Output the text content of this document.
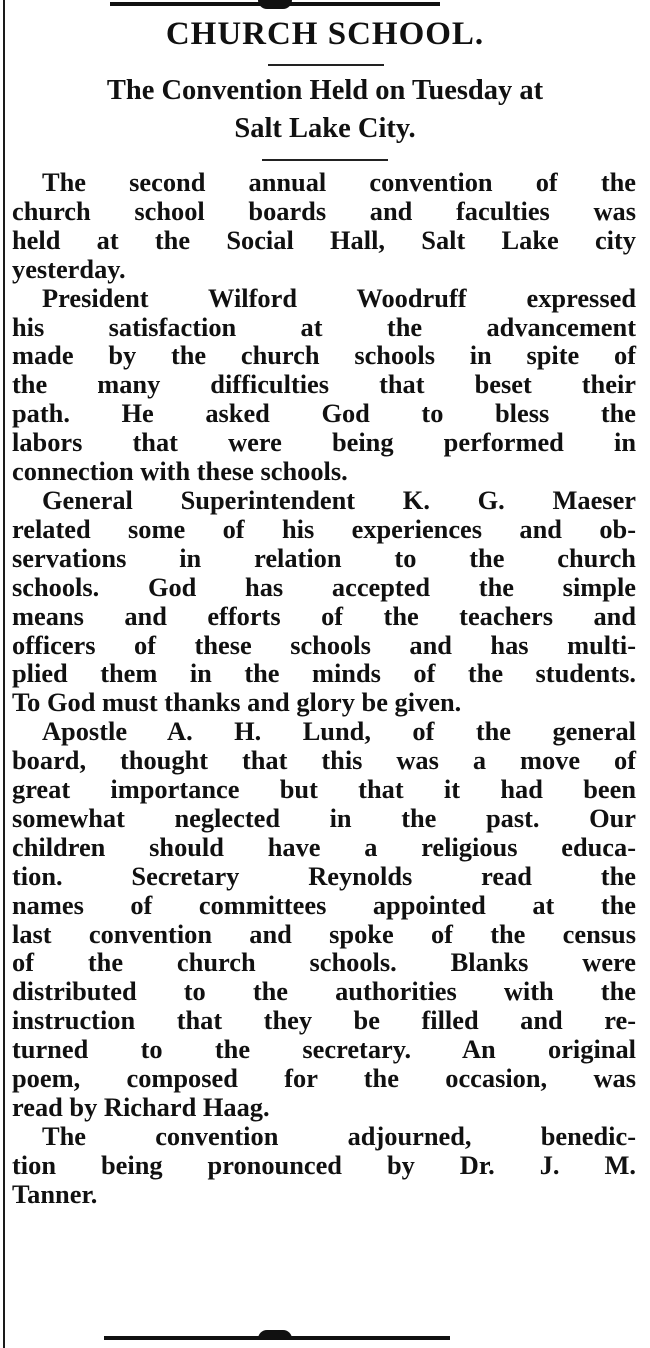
CHURCH SCHOOL.
The Convention Held on Tuesday at
Salt Lake City.

The second annual convention of the
church school boards and faculties was
held at the Social Hall, Salt Lake city
yesterday.

President Wilford Woodruff expressed
his satisfaction at the advancement
made by the church schools in spite of
the many difficulties that beset their
path. He asked God to bless the
labors that were being performed in
connection with these schools.

General Superintendent K. G. Maeser
related some of his experiences and ob-
servations in relation to the church
schools. God has accepted the simple
means and efforts of the teachers and
officers of these schools and has multi-
plied them in the minds of the students.
To God must thanks and glory be given.

Apostle A. H. Lund, of the general
board, thought that this was a move of
great importance but that it had been
somewhat neglected in the past. Our
children should have a religious educa-
tion. Secretary Reynolds read the
names of committees appointed at the
last convention and spoke of the census
of the church schools. Blanks were
distributed to the authorities with the
instruction that they be filled and re-
turned to the secretary. An original
poem, composed for the occasion, was
read by Richard Haag.

The convention adjourned, benedic-
tion being pronounced by Dr. J. M.
Tanner.
